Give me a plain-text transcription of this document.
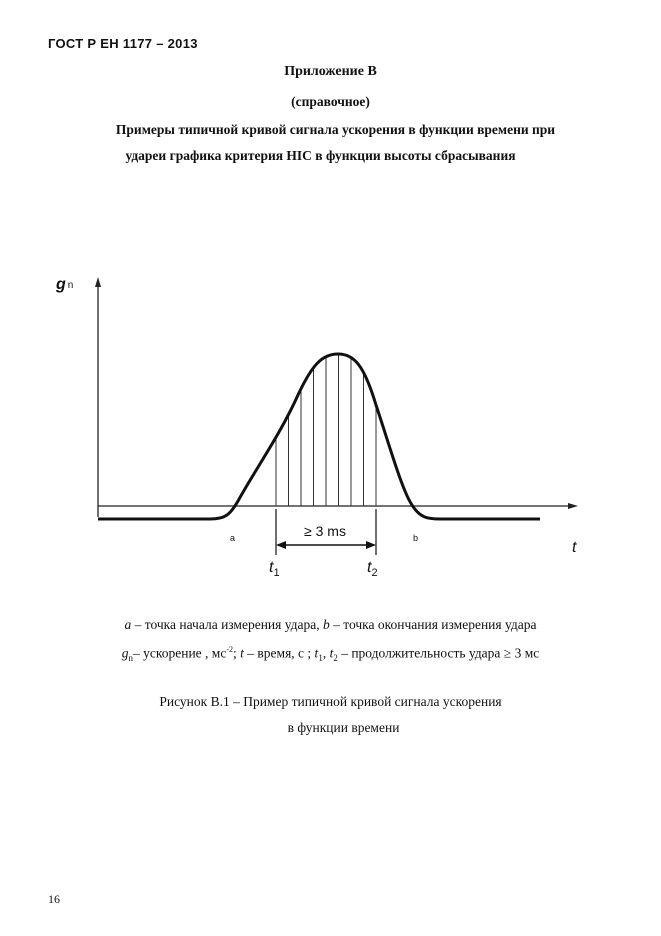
ГОСТ Р ЕН 1177 – 2013
Приложение В
(справочное)
Примеры типичной кривой сигнала ускорения в функции времени при
удареи графика критерия HIC в функции высоты сбрасывания
≥ 3 ms
gn
t
a	b
$t_1$	$t_2$
a – точка начала измерения удара, b – точка окончания измерения удара
$g_n-$ ускорение , $мс^{-2}$; t – время, с ; $t_1$, $t_2$ – продолжительность удара ≥ 3 мс
Рисунок В.1 – Пример типичной кривой сигнала ускорения
в функции времени
16
